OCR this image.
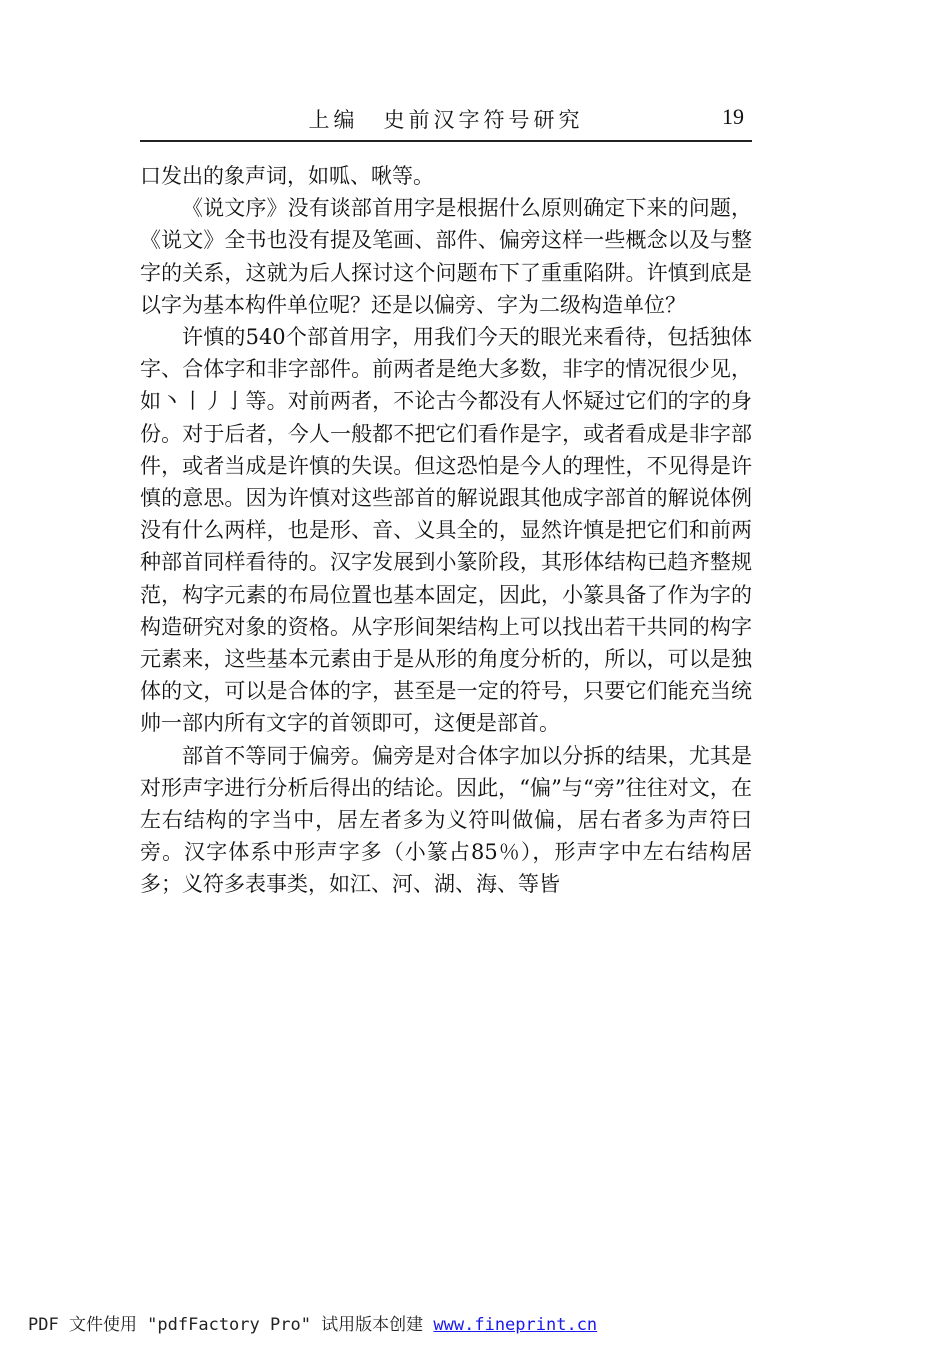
上编　史前汉字符号研究	19

口发出的象声词，如呱、啾等。

《说文序》没有谈部首用字是根据什么原则确定下来的问题，《说文》全书也没有提及笔画、部件、偏旁这样一些概念以及与整字的关系，这就为后人探讨这个问题布下了重重陷阱。许慎到底是以字为基本构件单位呢？还是以偏旁、字为二级构造单位？

许慎的540个部首用字，用我们今天的眼光来看待，包括独体字、合体字和非字部件。前两者是绝大多数，非字的情况很少见，如丶丨丿亅等。对前两者，不论古今都没有人怀疑过它们的字的身份。对于后者，今人一般都不把它们看作是字，或者看成是非字部件，或者当成是许慎的失误。但这恐怕是今人的理性，不见得是许慎的意思。因为许慎对这些部首的解说跟其他成字部首的解说体例没有什么两样，也是形、音、义具全的，显然许慎是把它们和前两种部首同样看待的。汉字发展到小篆阶段，其形体结构已趋齐整规范，构字元素的布局位置也基本固定，因此，小篆具备了作为字的构造研究对象的资格。从字形间架结构上可以找出若干共同的构字元素来，这些基本元素由于是从形的角度分析的，所以，可以是独体的文，可以是合体的字，甚至是一定的符号，只要它们能充当统帅一部内所有文字的首领即可，这便是部首。

部首不等同于偏旁。偏旁是对合体字加以分拆的结果，尤其是对形声字进行分析后得出的结论。因此，“偏”与“旁”往往对文，在左右结构的字当中，居左者多为义符叫做偏，居右者多为声符曰旁。汉字体系中形声字多（小篆占85％），形声字中左右结构居多；义符多表事类，如江、河、湖、海、等皆

PDF 文件使用 "pdfFactory Pro" 试用版本创建 www.fineprint.cn
